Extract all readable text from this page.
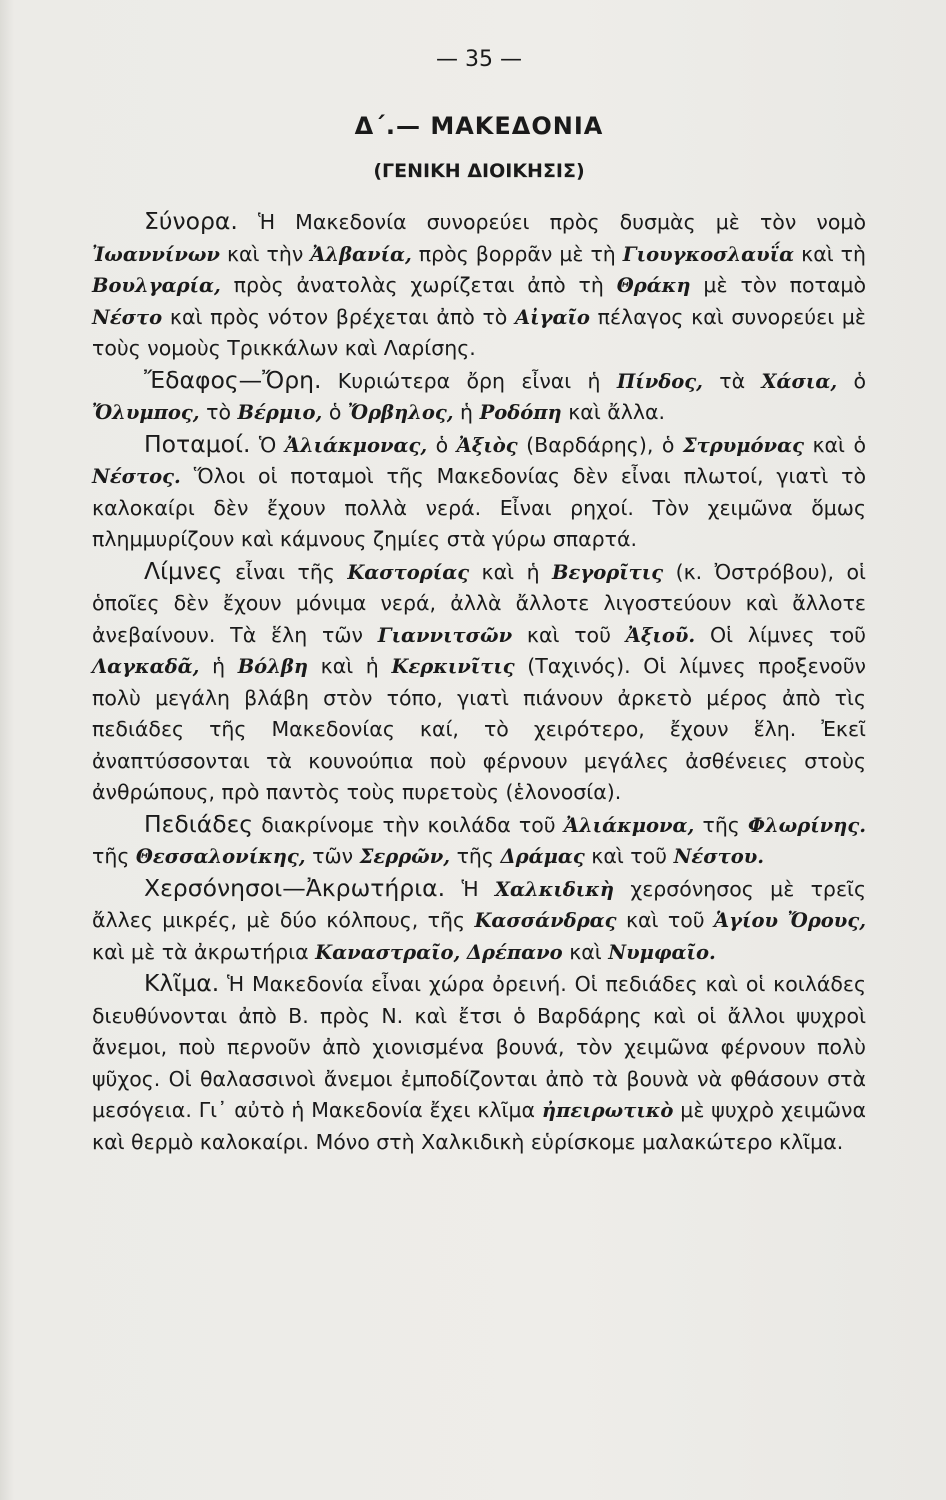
— 35 —

Δ΄.— ΜΑΚΕΔΟΝΙΑ
(ΓΕΝΙΚΗ ΔΙΟΙΚΗΣΙΣ)

Σύνορα. Ἡ Μακεδονία συνορεύει πρὸς δυσμὰς μὲ τὸν νομὸ Ἰωαννίνων καὶ τὴν Ἀλβανία, πρὸς βορρᾶν μὲ τὴ Γιουγκοσλαυΐα καὶ τὴ Βουλγαρία, πρὸς ἀνατολὰς χωρίζεται ἀπὸ τὴ Θράκη μὲ τὸν ποταμὸ Νέστο καὶ πρὸς νότον βρέχεται ἀπὸ τὸ Αἰγαῖο πέλαγος καὶ συνορεύει μὲ τοὺς νομοὺς Τρικκάλων καὶ Λαρίσης.

Ἔδαφος—Ὄρη. Κυριώτερα ὄρη εἶναι ἡ Πίνδος, τὰ Χάσια, ὁ Ὄλυμπος, τὸ Βέρμιο, ὁ Ὄρβηλος, ἡ Ροδόπη καὶ ἄλλα.

Ποταμοί. Ὁ Ἀλιάκμονας, ὁ Ἀξιὸς (Βαρδάρης), ὁ Στρυμόνας καὶ ὁ Νέστος. Ὅλοι οἱ ποταμοὶ τῆς Μακεδονίας δὲν εἶναι πλωτοί, γιατὶ τὸ καλοκαίρι δὲν ἔχουν πολλὰ νερά. Εἶναι ρηχοί. Τὸν χειμῶνα ὅμως πλημμυρίζουν καὶ κάμνους ζημίες στὰ γύρω σπαρτά.

Λίμνες εἶναι τῆς Καστορίας καὶ ἡ Βεγορῖτις (κ. Ὀστρόβου), οἱ ὁποῖες δὲν ἔχουν μόνιμα νερά, ἀλλὰ ἄλλοτε λιγοστεύουν καὶ ἄλλοτε ἀνεβαίνουν. Τὰ ἕλη τῶν Γιαννιτσῶν καὶ τοῦ Ἀξιοῦ. Οἱ λίμνες τοῦ Λαγκαδᾶ, ἡ Βόλβη καὶ ἡ Κερκινῖτις (Ταχινός). Οἱ λίμνες προξενοῦν πολὺ μεγάλη βλάβη στὸν τόπο, γιατὶ πιάνουν ἀρκετὸ μέρος ἀπὸ τὶς πεδιάδες τῆς Μακεδονίας καί, τὸ χειρότερο, ἔχουν ἕλη. Ἐκεῖ ἀναπτύσσονται τὰ κουνούπια ποὺ φέρνουν μεγάλες ἀσθένειες στοὺς ἀνθρώπους, πρὸ παντὸς τοὺς πυρετοὺς (ἑλονοσία).

Πεδιάδες διακρίνομε τὴν κοιλάδα τοῦ Ἀλιάκμονα, τῆς Φλωρίνης. τῆς Θεσσαλονίκης, τῶν Σερρῶν, τῆς Δράμας καὶ τοῦ Νέστου.

Χερσόνησοι—Ἀκρωτήρια. Ἡ Χαλκιδικὴ χερσόνησος μὲ τρεῖς ἄλλες μικρές, μὲ δύο κόλπους, τῆς Κασσάνδρας καὶ τοῦ Ἁγίου Ὄρους, καὶ μὲ τὰ ἀκρωτήρια Καναστραῖο, Δρέπανο καὶ Νυμφαῖο.

Κλῖμα. Ἡ Μακεδονία εἶναι χώρα ὀρεινή. Οἱ πεδιάδες καὶ οἱ κοιλάδες διευθύνονται ἀπὸ Β. πρὸς Ν. καὶ ἔτσι ὁ Βαρδάρης καὶ οἱ ἄλλοι ψυχροὶ ἄνεμοι, ποὺ περνοῦν ἀπὸ χιονισμένα βουνά, τὸν χειμῶνα φέρνουν πολὺ ψῦχος. Οἱ θαλασσινοὶ ἄνεμοι ἐμποδίζονται ἀπὸ τὰ βουνὰ νὰ φθάσουν στὰ μεσόγεια. Γι᾿ αὐτὸ ἡ Μακεδονία ἔχει κλῖμα ἠπειρωτικὸ μὲ ψυχρὸ χειμῶνα καὶ θερμὸ καλοκαίρι. Μόνο στὴ Χαλκιδικὴ εὑρίσκομε μαλακώτερο κλῖμα.
